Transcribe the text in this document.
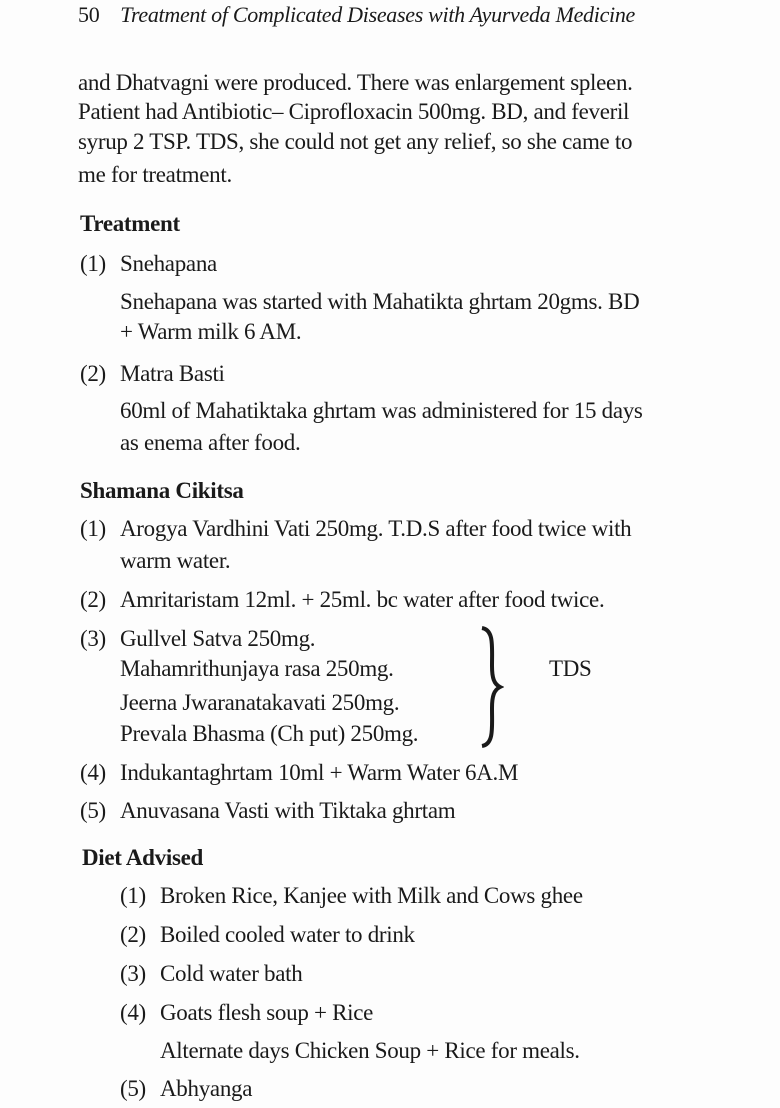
50 Treatment of Complicated Diseases with Ayurveda Medicine
and Dhatvagni were produced. There was enlargement spleen.
Patient had Antibiotic– Ciprofloxacin 500mg. BD, and feveril
syrup 2 TSP. TDS, she could not get any relief, so she came to
me for treatment.
Treatment
(1) Snehapana
Snehapana was started with Mahatikta ghrtam 20gms. BD
+ Warm milk 6 AM.
(2) Matra Basti
60ml of Mahatiktaka ghrtam was administered for 15 days
as enema after food.
Shamana Cikitsa
(1) Arogya Vardhini Vati 250mg. T.D.S after food twice with
warm water.
(2) Amritaristam 12ml. + 25ml. bc water after food twice.
(3) Gullvel Satva 250mg.
Mahamrithunjaya rasa 250mg.
Jeerna Jwaranatakavati 250mg.
Prevala Bhasma (Ch put) 250mg.
TDS
(4) Indukantaghrtam 10ml + Warm Water 6A.M
(5) Anuvasana Vasti with Tiktaka ghrtam
Diet Advised
(1) Broken Rice, Kanjee with Milk and Cows ghee
(2) Boiled cooled water to drink
(3) Cold water bath
(4) Goats flesh soup + Rice
Alternate days Chicken Soup + Rice for meals.
(5) Abhyanga
